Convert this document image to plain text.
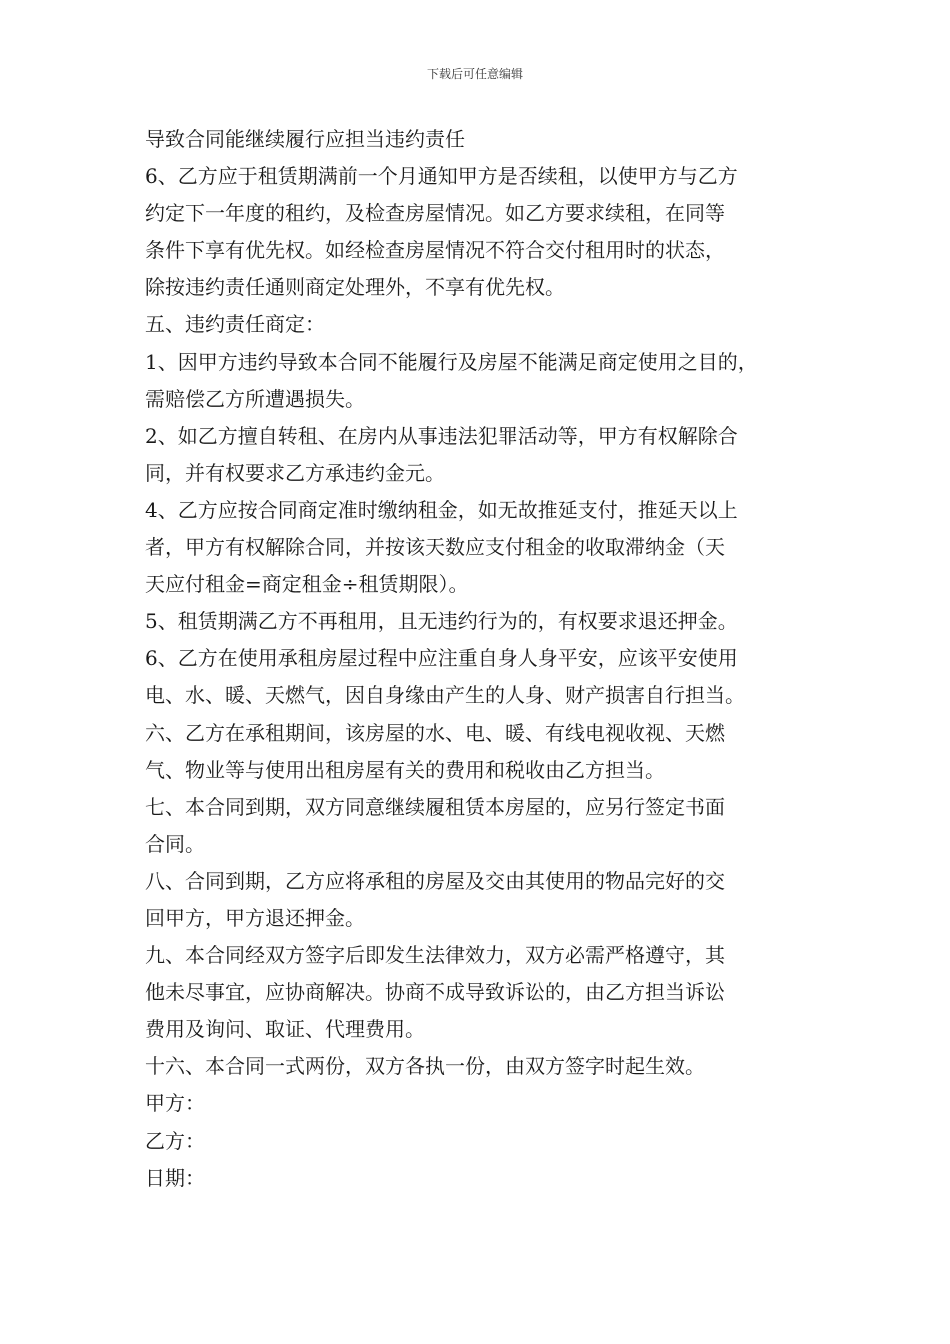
下载后可任意编辑
导致合同能继续履行应担当违约责任
6、乙方应于租赁期满前一个月通知甲方是否续租，以使甲方与乙方
约定下一年度的租约，及检查房屋情况。如乙方要求续租，在同等
条件下享有优先权。如经检查房屋情况不符合交付租用时的状态，
除按违约责任通则商定处理外，不享有优先权。
五、违约责任商定：
1、因甲方违约导致本合同不能履行及房屋不能满足商定使用之目的，
需赔偿乙方所遭遇损失。
2、如乙方擅自转租、在房内从事违法犯罪活动等，甲方有权解除合
同，并有权要求乙方承违约金元。
4、乙方应按合同商定准时缴纳租金，如无故推延支付，推延天以上
者，甲方有权解除合同，并按该天数应支付租金的收取滞纳金（天
天应付租金=商定租金÷租赁期限）。
5、租赁期满乙方不再租用，且无违约行为的，有权要求退还押金。
6、乙方在使用承租房屋过程中应注重自身人身平安，应该平安使用
电、水、暖、天燃气，因自身缘由产生的人身、财产损害自行担当。
六、乙方在承租期间，该房屋的水、电、暖、有线电视收视、天燃
气、物业等与使用出租房屋有关的费用和税收由乙方担当。
七、本合同到期，双方同意继续履租赁本房屋的，应另行签定书面
合同。
八、合同到期，乙方应将承租的房屋及交由其使用的物品完好的交
回甲方，甲方退还押金。
九、本合同经双方签字后即发生法律效力，双方必需严格遵守，其
他未尽事宜，应协商解决。协商不成导致诉讼的，由乙方担当诉讼
费用及询问、取证、代理费用。
十六、本合同一式两份，双方各执一份，由双方签字时起生效。
甲方：
乙方：
日期：
